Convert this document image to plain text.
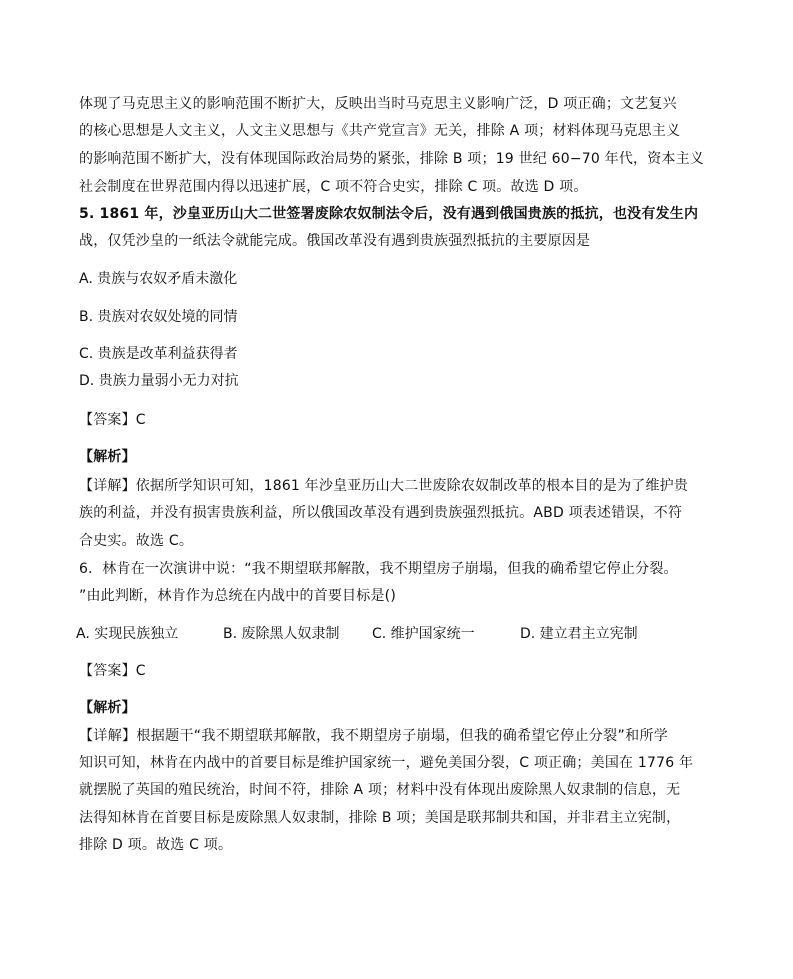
体现了马克思主义的影响范围不断扩大，反映出当时马克思主义影响广泛，D 项正确；文艺复兴
的核心思想是人文主义，人文主义思想与《共产党宣言》无关，排除 A 项；材料体现马克思主义
的影响范围不断扩大，没有体现国际政治局势的紧张，排除 B 项；19 世纪 60−70 年代，资本主义
社会制度在世界范围内得以迅速扩展，C 项不符合史实，排除 C 项。故选 D 项。
5. 1861 年，沙皇亚历山大二世签署废除农奴制法令后，没有遇到俄国贵族的抵抗，也没有发生内
战，仅凭沙皇的一纸法令就能完成。俄国改革没有遇到贵族强烈抵抗的主要原因是
A. 贵族与农奴矛盾未激化
B. 贵族对农奴处境的同情
C. 贵族是改革利益获得者
D. 贵族力量弱小无力对抗
【答案】C
【解析】
【详解】依据所学知识可知，1861 年沙皇亚历山大二世废除农奴制改革的根本目的是为了维护贵
族的利益，并没有损害贵族利益，所以俄国改革没有遇到贵族强烈抵抗。ABD 项表述错误，不符
合史实。故选 C。
6．林肯在一次演讲中说：“我不期望联邦解散，我不期望房子崩塌，但我的确希望它停止分裂。
”由此判断，林肯作为总统在内战中的首要目标是()
A. 实现民族独立	B. 废除黑人奴隶制 C. 维护国家统一	D. 建立君主立宪制
【答案】C
【解析】
【详解】根据题干“我不期望联邦解散，我不期望房子崩塌，但我的确希望它停止分裂”和所学
知识可知，林肯在内战中的首要目标是维护国家统一，避免美国分裂，C 项正确；美国在 1776 年
就摆脱了英国的殖民统治，时间不符，排除 A 项；材料中没有体现出废除黑人奴隶制的信息，无
法得知林肯在首要目标是废除黑人奴隶制，排除 B 项；美国是联邦制共和国，并非君主立宪制，
排除 D 项。故选 C 项。
